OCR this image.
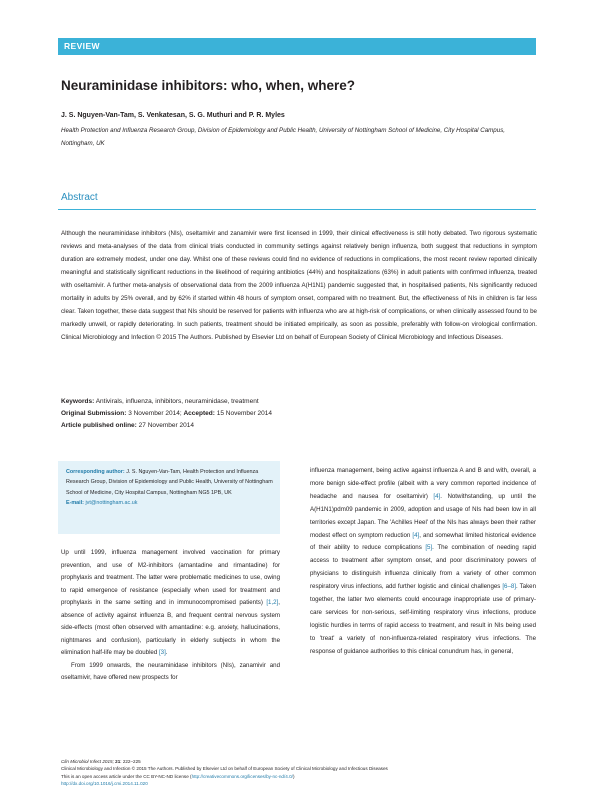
REVIEW
Neuraminidase inhibitors: who, when, where?
J. S. Nguyen-Van-Tam, S. Venkatesan, S. G. Muthuri and P. R. Myles
Health Protection and Influenza Research Group, Division of Epidemiology and Public Health, University of Nottingham School of Medicine, City Hospital Campus, Nottingham, UK
Abstract
Although the neuraminidase inhibitors (NIs), oseltamivir and zanamivir were first licensed in 1999, their clinical effectiveness is still hotly debated. Two rigorous systematic reviews and meta-analyses of the data from clinical trials conducted in community settings against relatively benign influenza, both suggest that reductions in symptom duration are extremely modest, under one day. Whilst one of these reviews could find no evidence of reductions in complications, the most recent review reported clinically meaningful and statistically significant reductions in the likelihood of requiring antibiotics (44%) and hospitalizations (63%) in adult patients with confirmed influenza, treated with oseltamivir. A further meta-analysis of observational data from the 2009 influenza A(H1N1) pandemic suggested that, in hospitalised patients, NIs significantly reduced mortality in adults by 25% overall, and by 62% if started within 48 hours of symptom onset, compared with no treatment. But, the effectiveness of NIs in children is far less clear. Taken together, these data suggest that NIs should be reserved for patients with influenza who are at high-risk of complications, or when clinically assessed found to be markedly unwell, or rapidly deteriorating. In such patients, treatment should be initiated empirically, as soon as possible, preferably with follow-on virological confirmation. Clinical Microbiology and Infection © 2015 The Authors. Published by Elsevier Ltd on behalf of European Society of Clinical Microbiology and Infectious Diseases.
Keywords: Antivirals, influenza, inhibitors, neuraminidase, treatment
Original Submission: 3 November 2014; Accepted: 15 November 2014
Article published online: 27 November 2014
Corresponding author: J. S. Nguyen-Van-Tam, Health Protection and Influenza Research Group, Division of Epidemiology and Public Health, University of Nottingham School of Medicine, City Hospital Campus, Nottingham NG5 1PB, UK
E-mail: jvt@nottingham.ac.uk

Up until 1999, influenza management involved vaccination for primary prevention, and use of M2-inhibitors (amantadine and rimantadine) for prophylaxis and treatment. The latter were problematic medicines to use, owing to rapid emergence of resistance (especially when used for treatment and prophylaxis in the same setting and in immunocompromised patients) [1,2], absence of activity against influenza B, and frequent central nervous system side-effects (most often observed with amantadine: e.g. anxiety, hallucinations, nightmares and confusion), particularly in elderly subjects in whom the elimination half-life may be doubled [3].

From 1999 onwards, the neuraminidase inhibitors (NIs), zanamivir and oseltamivir, have offered new prospects for

influenza management, being active against influenza A and B and with, overall, a more benign side-effect profile (albeit with a very common reported incidence of headache and nausea for oseltamivir) [4]. Notwithstanding, up until the A(H1N1)pdm09 pandemic in 2009, adoption and usage of NIs had been low in all territories except Japan. The 'Achilles Heel' of the NIs has always been their rather modest effect on symptom reduction [4], and somewhat limited historical evidence of their ability to reduce complications [5]. The combination of needing rapid access to treatment after symptom onset, and poor discriminatory powers of physicians to distinguish influenza clinically from a variety of other common respiratory virus infections, add further logistic and clinical challenges [6–8]. Taken together, the latter two elements could encourage inappropriate use of primary-care services for non-serious, self-limiting respiratory virus infections, produce logistic hurdles in terms of rapid access to treatment, and result in NIs being used to 'treat' a variety of non-influenza-related respiratory virus infections. The response of guidance authorities to this clinical conundrum has, in general,

Clin Microbiol Infect 2015; 21: 222–225
Clinical Microbiology and Infection © 2015 The Authors. Published by Elsevier Ltd on behalf of European Society of Clinical Microbiology and Infectious Diseases
This is an open access article under the CC BY-NC-ND license (http://creativecommons.org/licenses/by-nc-nd/4.0/)
http://dx.doi.org/10.1016/j.cmi.2014.11.020
